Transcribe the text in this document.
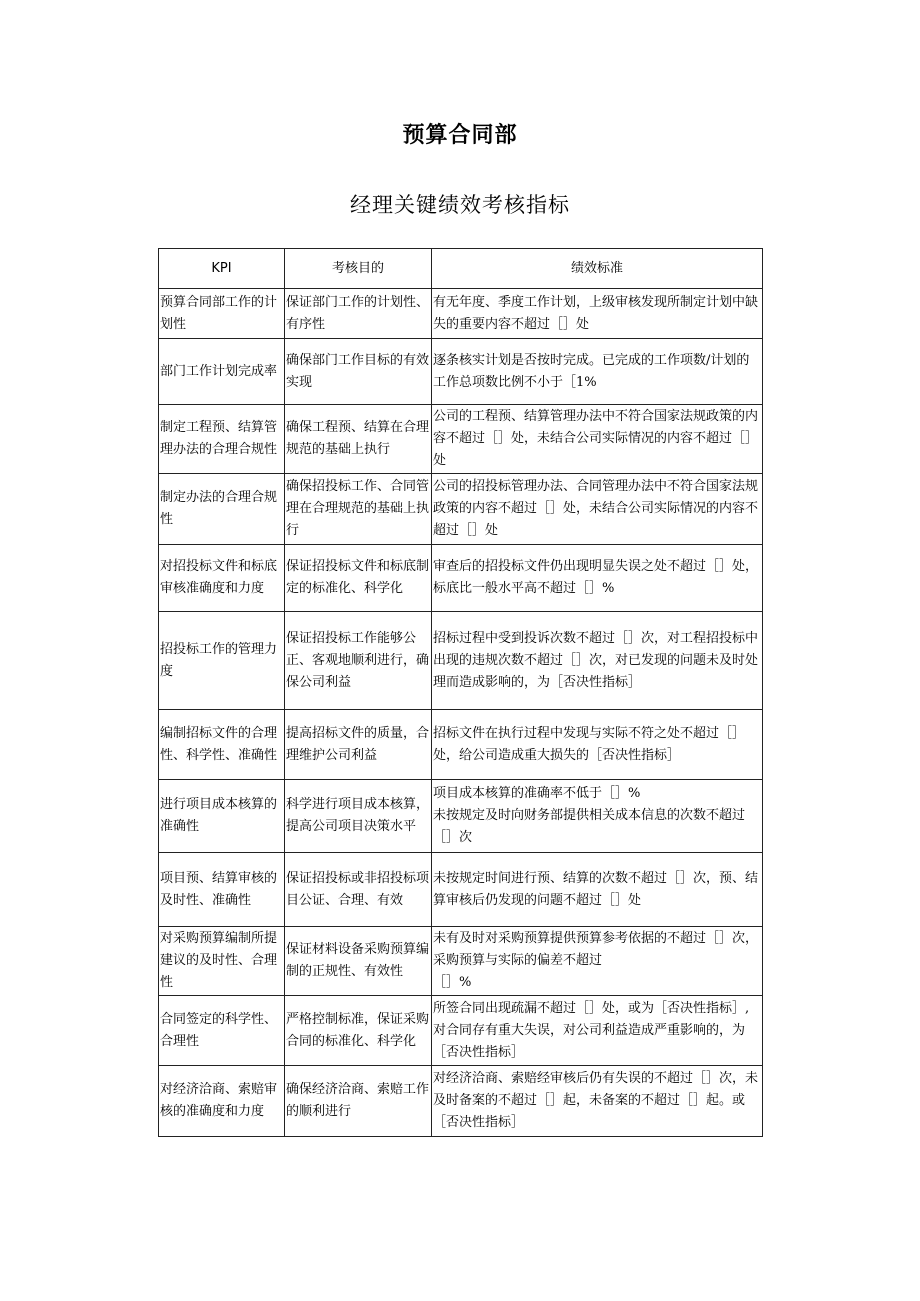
预算合同部
经理关键绩效考核指标
KPI	考核目的	绩效标准
预算合同部工作的计划性	保证部门工作的计划性、有序性	有无年度、季度工作计划，上级审核发现所制定计划中缺失的重要内容不超过［］处
部门工作计划完成率	确保部门工作目标的有效实现	逐条核实计划是否按时完成。已完成的工作项数/计划的工作总项数比例不小于［1%
制定工程预、结算管理办法的合理合规性	确保工程预、结算在合理规范的基础上执行	公司的工程预、结算管理办法中不符合国家法规政策的内容不超过［］处，未结合公司实际情况的内容不超过［］处
制定办法的合理合规性	确保招投标工作、合同管理在合理规范的基础上执行	公司的招投标管理办法、合同管理办法中不符合国家法规政策的内容不超过［］处，未结合公司实际情况的内容不超过［］处
对招投标文件和标底审核准确度和力度	保证招投标文件和标底制定的标准化、科学化	审查后的招投标文件仍出现明显失误之处不超过［］处，标底比一般水平高不超过［］%
招投标工作的管理力度	保证招投标工作能够公正、客观地顺利进行，确保公司利益	招标过程中受到投诉次数不超过［］次，对工程招投标中出现的违规次数不超过［］次，对已发现的问题未及时处理而造成影响的，为［否决性指标］
编制招标文件的合理性、科学性、准确性	提高招标文件的质量，合理维护公司利益	招标文件在执行过程中发现与实际不符之处不超过［］处，给公司造成重大损失的［否决性指标］
进行项目成本核算的准确性	科学进行项目成本核算，提高公司项目决策水平	项目成本核算的准确率不低于［］%
未按规定及时向财务部提供相关成本信息的次数不超过［］次
项目预、结算审核的及时性、准确性	保证招投标或非招投标项目公证、合理、有效	未按规定时间进行预、结算的次数不超过［］次，预、结算审核后仍发现的问题不超过［］处
对采购预算编制所提建议的及时性、合理性	保证材料设备采购预算编制的正规性、有效性	未有及时对采购预算提供预算参考依据的不超过［］次，采购预算与实际的偏差不超过
［］%
合同签定的科学性、合理性	严格控制标准，保证采购合同的标准化、科学化	所签合同出现疏漏不超过［］处，或为［否决性指标］,对合同存有重大失误，对公司利益造成严重影响的，为［否决性指标］
对经济洽商、索赔审核的准确度和力度	确保经济洽商、索赔工作的顺利进行	对经济洽商、索赔经审核后仍有失误的不超过［］次，未及时备案的不超过［］起，未备案的不超过［］起。或［否决性指标］
